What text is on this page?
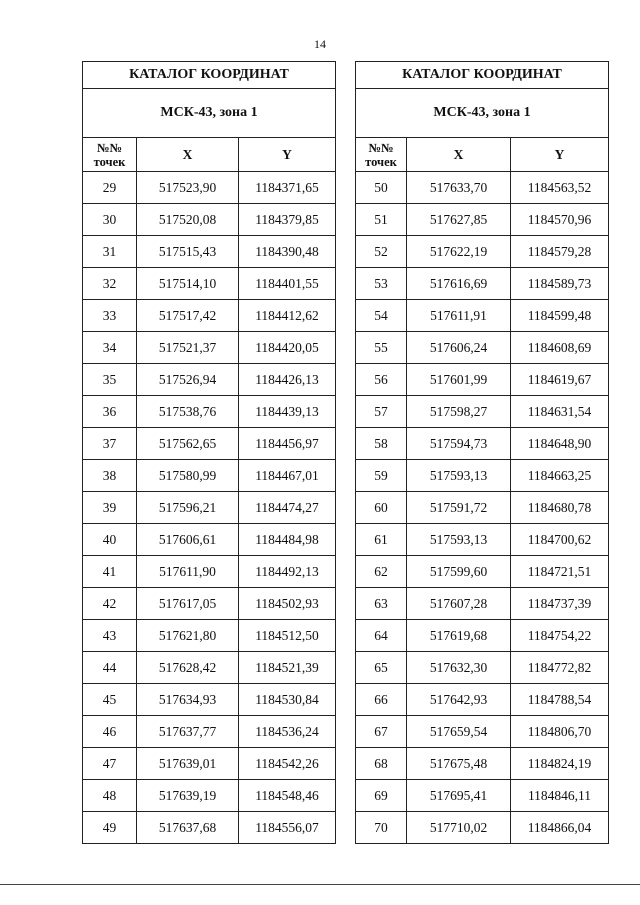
14
КАТАЛОГ КООРДИНАТ		
МСК-43, зона 1		
№№ точек	X	Y
29	517523,90	1184371,65
30	517520,08	1184379,85
31	517515,43	1184390,48
32	517514,10	1184401,55
33	517517,42	1184412,62
34	517521,37	1184420,05
35	517526,94	1184426,13
36	517538,76	1184439,13
37	517562,65	1184456,97
38	517580,99	1184467,01
39	517596,21	1184474,27
40	517606,61	1184484,98
41	517611,90	1184492,13
42	517617,05	1184502,93
43	517621,80	1184512,50
44	517628,42	1184521,39
45	517634,93	1184530,84
46	517637,77	1184536,24
47	517639,01	1184542,26
48	517639,19	1184548,46
49	517637,68	1184556,07
КАТАЛОГ КООРДИНАТ		
МСК-43, зона 1		
№№ точек	X	Y
50	517633,70	1184563,52
51	517627,85	1184570,96
52	517622,19	1184579,28
53	517616,69	1184589,73
54	517611,91	1184599,48
55	517606,24	1184608,69
56	517601,99	1184619,67
57	517598,27	1184631,54
58	517594,73	1184648,90
59	517593,13	1184663,25
60	517591,72	1184680,78
61	517593,13	1184700,62
62	517599,60	1184721,51
63	517607,28	1184737,39
64	517619,68	1184754,22
65	517632,30	1184772,82
66	517642,93	1184788,54
67	517659,54	1184806,70
68	517675,48	1184824,19
69	517695,41	1184846,11
70	517710,02	1184866,04
